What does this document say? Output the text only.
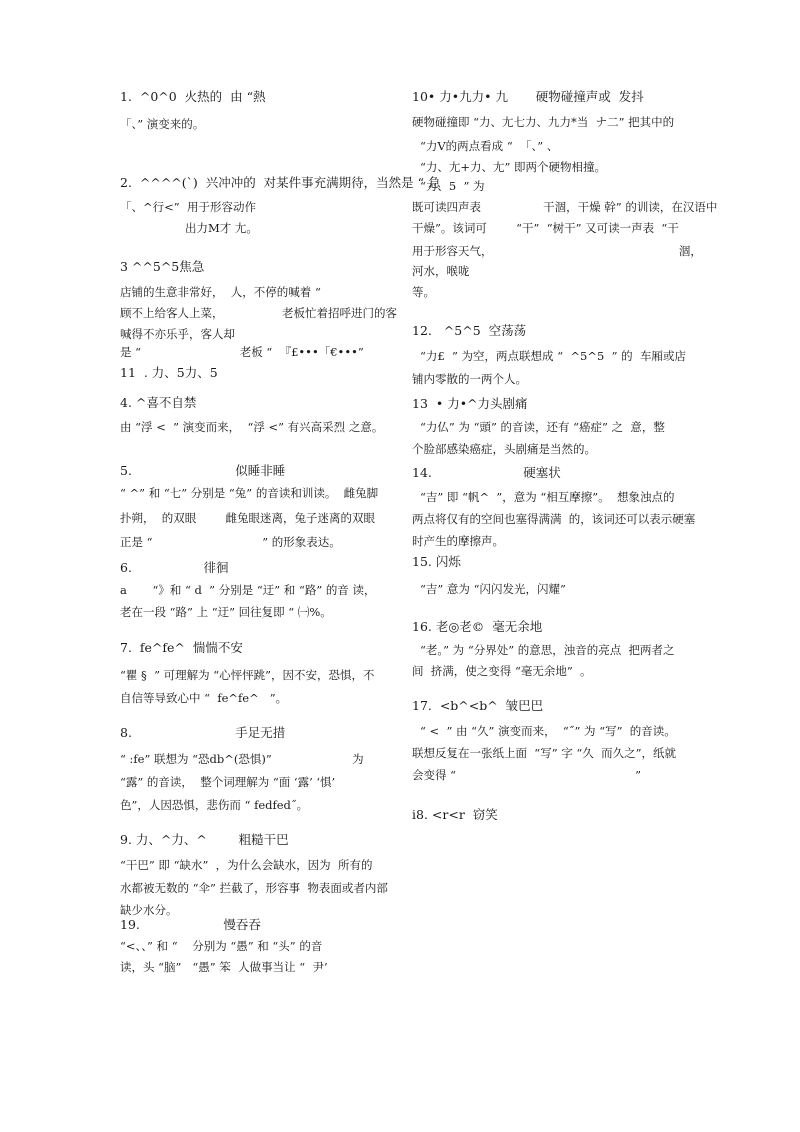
1.  ^0^0  火热的  由 “熱
「、” 演变来的。
2.  ^^^^(`)  兴冲冲的  对某件事充满期待，当然是 “ 急
「、^行<”  用于形容动作
出力M才 尢。
3 ^^5^5焦急
店铺的生意非常好，  人，不停的喊着 “
顾不上给客人上菜，                老板忙着招呼进门的客
喊得不亦乐乎，客人却
是 “                           老板 “  『£•••「€•••”
11  . 力、5力、5
4. ^喜不自禁
由 “浮 <  ” 演变而来，  “浮 <” 有兴高采烈 之意。
5.                          似睡非睡
“ ^” 和 “七” 分别是 “兔” 的音读和训读。  雌兔脚
扑朔，  的双眼        雌兔眼迷离，兔子迷离的双眼
正是 “                              ” 的形象表达。
6.                  徘徊
a       “》和 “ d  ” 分别是 “迂” 和 “路” 的音 读，
老在一段 “路” 上 “迂” 回往复即 “ ㈠%。
7.  fe^fe^  惴惴不安
“瞿 §  ” 可理解为 “心怦怦跳”，因不安，恐惧，不
自信等导致心中 “  fe^fe^   ”。
8.                          手足无措
“ :fe” 联想为 “恐db^(恐惧)”                      为
“露” 的音读，  整个词理解为 “面 ‘露’ ‘惧’
色”，人因恐惧，悲伤而 “ fedfed˝。
9. 力、^力、^        粗糙干巴
“干巴” 即 “缺水”  ，为什么会缺水，因为  所有的
水都被无数的 “伞” 拦截了，形容事  物表面或者内部
缺少水分。
19.                     慢吞吞
“<、、” 和 “    分别为 “愚” 和 “头” 的音
读，头 “脑”   “愚” 笨  人做事当让 “  尹’
10• 力•九力• 九       硬物碰撞声或  发抖
硬物碰撞即 “力、尢七力、九力*当  ナ二” 把其中的
“力V的两点看成 “  「、” 、
“力、尢+力、尢” 即两个硬物相撞。
“力、5  ” 为
既可读四声表                 干涸，干燥 幹” 的训读，在汉语中
干燥”。该词可        “干”  “树干” 又可读一声表  “干
用于形容天气，                                                   涸，
河水，喉咙
等。
12.   ^5^5  空荡荡
“力£  ” 为空，两点联想成 “  ^5^5  ” 的  车厢或店
铺内零散的一两个人。
13  • 力•^力头剧痛
“力仏” 为 “頭” 的音读，还有 “癌症” 之  意，整
个脸部感染癌症，头剧痛是当然的。
14.                       硬塞状
“吉” 即 “帆^  ”，意为 “相互摩擦”。  想象浊点的
两点将仅有的空间也塞得满满  的，该词还可以表示硬塞
时产生的摩擦声。
15. 闪烁
“吉” 意为 “闪闪发光，闪耀”
16. 老◎老©  毫无余地
“老。” 为 “分界处” 的意思，浊音的亮点  把两者之
间  挤满，使之变得 “毫无余地”  。
17.  <b^<b^  皱巴巴
“ <  ” 由 “久” 演变而来，  “˝” 为 “写”  的音读。
联想反复在一张纸上面  “写” 字 “久  而久之”，纸就
会变得 “                                                 ”
i8. <r<r  窃笑
